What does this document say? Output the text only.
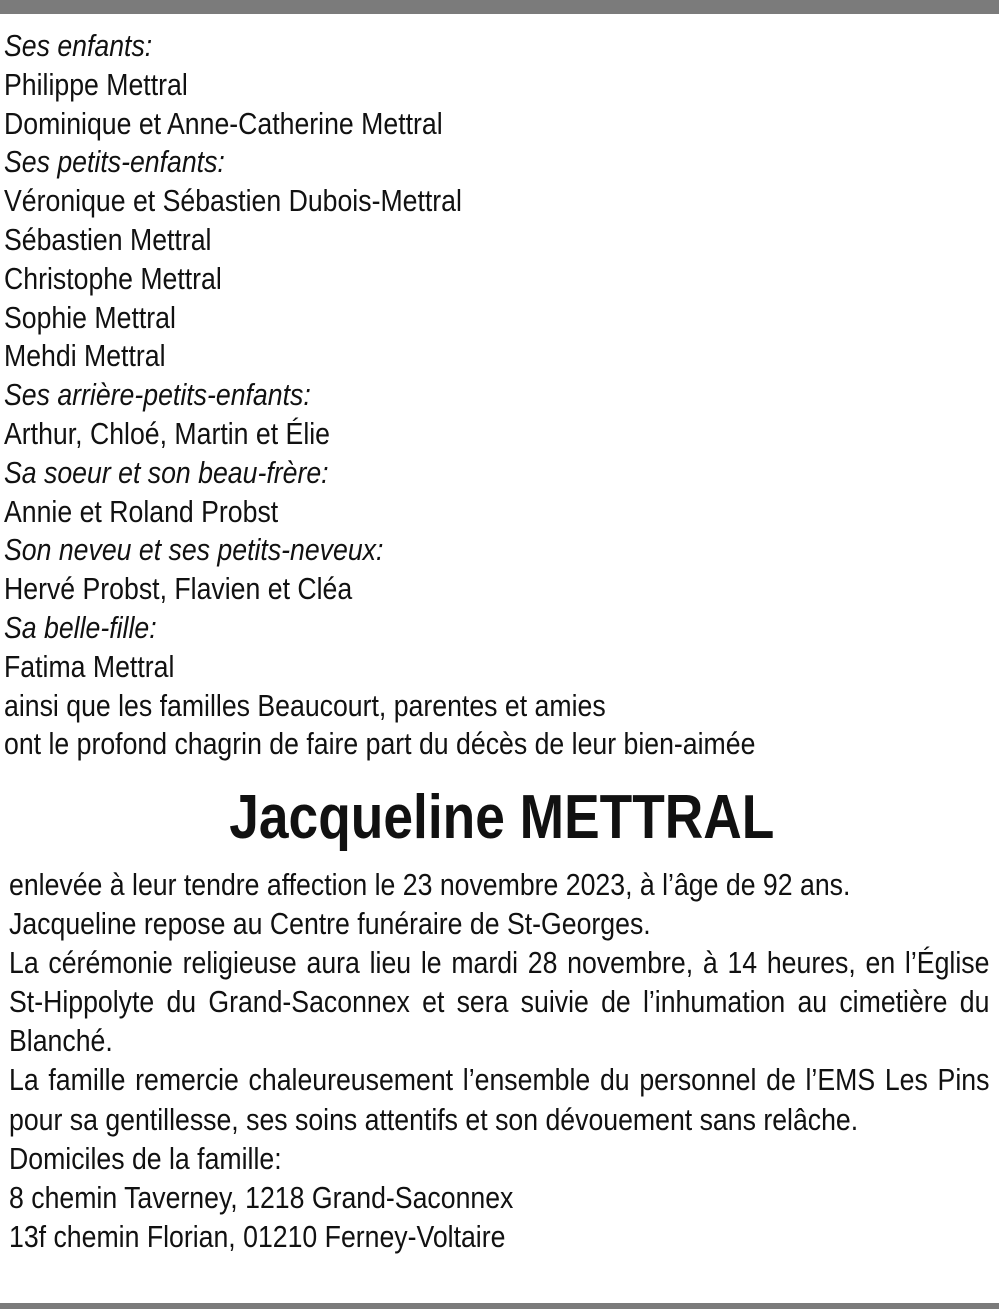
Ses enfants:
Philippe Mettral
Dominique et Anne-Catherine Mettral
Ses petits-enfants:
Véronique et Sébastien Dubois-Mettral
Sébastien Mettral
Christophe Mettral
Sophie Mettral
Mehdi Mettral
Ses arrière-petits-enfants:
Arthur, Chloé, Martin et Élie
Sa soeur et son beau-frère:
Annie et Roland Probst
Son neveu et ses petits-neveux:
Hervé Probst, Flavien et Cléa
Sa belle-fille:
Fatima Mettral
ainsi que les familles Beaucourt, parentes et amies
ont le profond chagrin de faire part du décès de leur bien-aimée
Jacqueline METTRAL
enlevée à leur tendre affection le 23 novembre 2023, à l’âge de 92 ans.
Jacqueline repose au Centre funéraire de St-Georges.
La cérémonie religieuse aura lieu le mardi 28 novembre, à 14 heures, en l’Église St-Hippolyte du Grand-Saconnex et sera suivie de l’inhumation au cimetière du Blanché.
La famille remercie chaleureusement l’ensemble du personnel de l’EMS Les Pins pour sa gentillesse, ses soins attentifs et son dévouement sans relâche.
Domiciles de la famille:
8 chemin Taverney, 1218 Grand-Saconnex
13f chemin Florian, 01210 Ferney-Voltaire
